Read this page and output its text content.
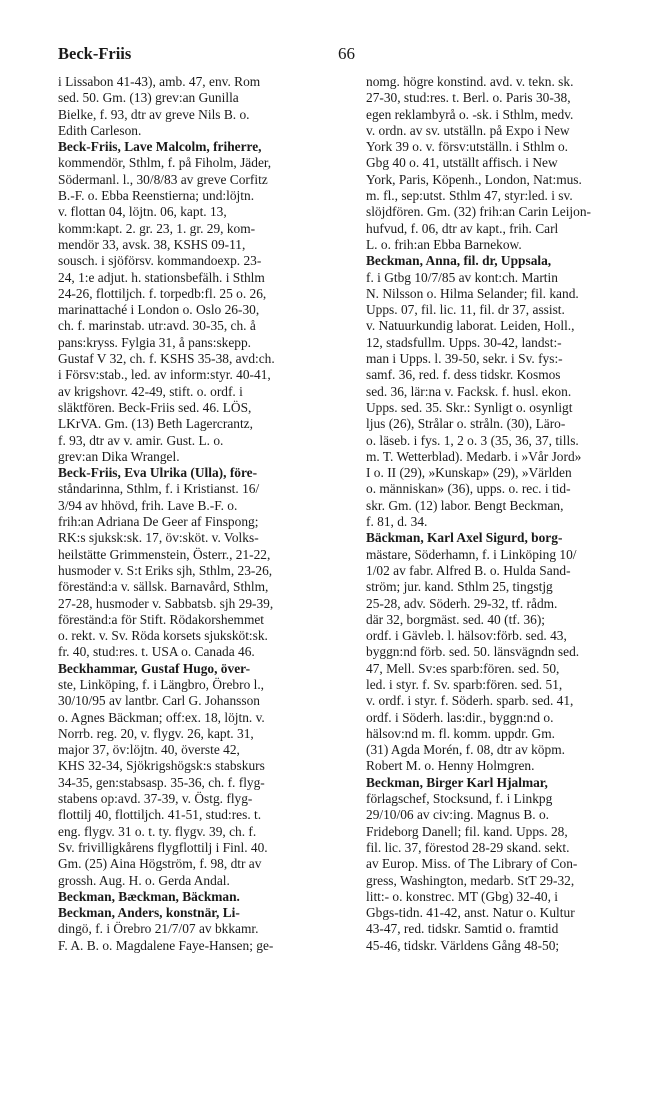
Beck-Friis	66
i Lissabon 41-43), amb. 47, env. Rom
sed. 50. Gm. (13) grev:an Gunilla
Bielke, f. 93, dtr av greve Nils B. o.
Edith Carleson.
Beck-Friis, Lave Malcolm, friherre,
kommendör, Sthlm, f. på Fiholm, Jäder,
Södermanl. l., 30/8/83 av greve Corfitz
B.-F. o. Ebba Reenstierna; und:löjtn.
v. flottan 04, löjtn. 06, kapt. 13,
komm:kapt. 2. gr. 23, 1. gr. 29, kom-
mendör 33, avsk. 38, KSHS 09-11,
sousch. i sjöförsv. kommandoexp. 23-
24, 1:e adjut. h. stationsbefälh. i Sthlm
24-26, flottiljch. f. torpedb:fl. 25 o. 26,
marinattaché i London o. Oslo 26-30,
ch. f. marinstab. utr:avd. 30-35, ch. å
pans:kryss. Fylgia 31, å pans:skepp.
Gustaf V 32, ch. f. KSHS 35-38, avd:ch.
i Försv:stab., led. av inform:styr. 40-41,
av krigshovr. 42-49, stift. o. ordf. i
släktfören. Beck-Friis sed. 46. LÖS,
LKrVA. Gm. (13) Beth Lagercrantz,
f. 93, dtr av v. amir. Gust. L. o.
grev:an Dika Wrangel.
Beck-Friis, Eva Ulrika (Ulla), före-
ståndarinna, Sthlm, f. i Kristianst. 16/
3/94 av hhövd, frih. Lave B.-F. o.
frih:an Adriana De Geer af Finspong;
RK:s sjuksk:sk. 17, öv:sköt. v. Volks-
heilstätte Grimmenstein, Österr., 21-22,
husmoder v. S:t Eriks sjh, Sthlm, 23-26,
föreständ:a v. sällsk. Barnavård, Sthlm,
27-28, husmoder v. Sabbatsb. sjh 29-39,
föreständ:a för Stift. Rödakorshemmet
o. rekt. v. Sv. Röda korsets sjuksköt:sk.
fr. 40, stud:res. t. USA o. Canada 46.
Beckhammar, Gustaf Hugo, över-
ste, Linköping, f. i Längbro, Örebro l.,
30/10/95 av lantbr. Carl G. Johansson
o. Agnes Bäckman; off:ex. 18, löjtn. v.
Norrb. reg. 20, v. flygv. 26, kapt. 31,
major 37, öv:löjtn. 40, överste 42,
KHS 32-34, Sjökrigshögsk:s stabskurs
34-35, gen:stabsasp. 35-36, ch. f. flyg-
stabens op:avd. 37-39, v. Östg. flyg-
flottilj 40, flottiljch. 41-51, stud:res. t.
eng. flygv. 31 o. t. ty. flygv. 39, ch. f.
Sv. frivilligkårens flygflottilj i Finl. 40.
Gm. (25) Aina Högström, f. 98, dtr av
grossh. Aug. H. o. Gerda Andal.
Beckman, Bæckman, Bäckman.
Beckman, Anders, konstnär, Li-
dingö, f. i Örebro 21/7/07 av bkkamr.
F. A. B. o. Magdalene Faye-Hansen; ge-
nomg. högre konstind. avd. v. tekn. sk.
27-30, stud:res. t. Berl. o. Paris 30-38,
egen reklambyrå o. -sk. i Sthlm, medv.
v. ordn. av sv. utställn. på Expo i New
York 39 o. v. försv:utställn. i Sthlm o.
Gbg 40 o. 41, utställt affisch. i New
York, Paris, Köpenh., London, Nat:mus.
m. fl., sep:utst. Sthlm 47, styr:led. i sv.
slöjdfören. Gm. (32) frih:an Carin Leijon-
hufvud, f. 06, dtr av kapt., frih. Carl
L. o. frih:an Ebba Barnekow.
Beckman, Anna, fil. dr, Uppsala,
f. i Gtbg 10/7/85 av kont:ch. Martin
N. Nilsson o. Hilma Selander; fil. kand.
Upps. 07, fil. lic. 11, fil. dr 37, assist.
v. Natuurkundig laborat. Leiden, Holl.,
12, stadsfullm. Upps. 30-42, landst:-
man i Upps. l. 39-50, sekr. i Sv. fys:-
samf. 36, red. f. dess tidskr. Kosmos
sed. 36, lär:na v. Facksk. f. husl. ekon.
Upps. sed. 35. Skr.: Synligt o. osynligt
ljus (26), Strålar o. stråln. (30), Läro-
o. läseb. i fys. 1, 2 o. 3 (35, 36, 37, tills.
m. T. Wetterblad). Medarb. i »Vår Jord»
I o. II (29), »Kunskap» (29), »Världen
o. människan» (36), upps. o. rec. i tid-
skr. Gm. (12) labor. Bengt Beckman,
f. 81, d. 34.
Bäckman, Karl Axel Sigurd, borg-
mästare, Söderhamn, f. i Linköping 10/
1/02 av fabr. Alfred B. o. Hulda Sand-
ström; jur. kand. Sthlm 25, tingstjg
25-28, adv. Söderh. 29-32, tf. rådm.
där 32, borgmäst. sed. 40 (tf. 36);
ordf. i Gävleb. l. hälsov:förb. sed. 43,
byggn:nd förb. sed. 50. länsvägndn sed.
47, Mell. Sv:es sparb:fören. sed. 50,
led. i styr. f. Sv. sparb:fören. sed. 51,
v. ordf. i styr. f. Söderh. sparb. sed. 41,
ordf. i Söderh. las:dir., byggn:nd o.
hälsov:nd m. fl. komm. uppdr. Gm.
(31) Agda Morén, f. 08, dtr av köpm.
Robert M. o. Henny Holmgren.
Beckman, Birger Karl Hjalmar,
förlagschef, Stocksund, f. i Linkpg
29/10/06 av civ:ing. Magnus B. o.
Frideborg Danell; fil. kand. Upps. 28,
fil. lic. 37, förestod 28-29 skand. sekt.
av Europ. Miss. of The Library of Con-
gress, Washington, medarb. StT 29-32,
litt:- o. konstrec. MT (Gbg) 32-40, i
Gbgs-tidn. 41-42, anst. Natur o. Kultur
43-47, red. tidskr. Samtid o. framtid
45-46, tidskr. Världens Gång 48-50;
